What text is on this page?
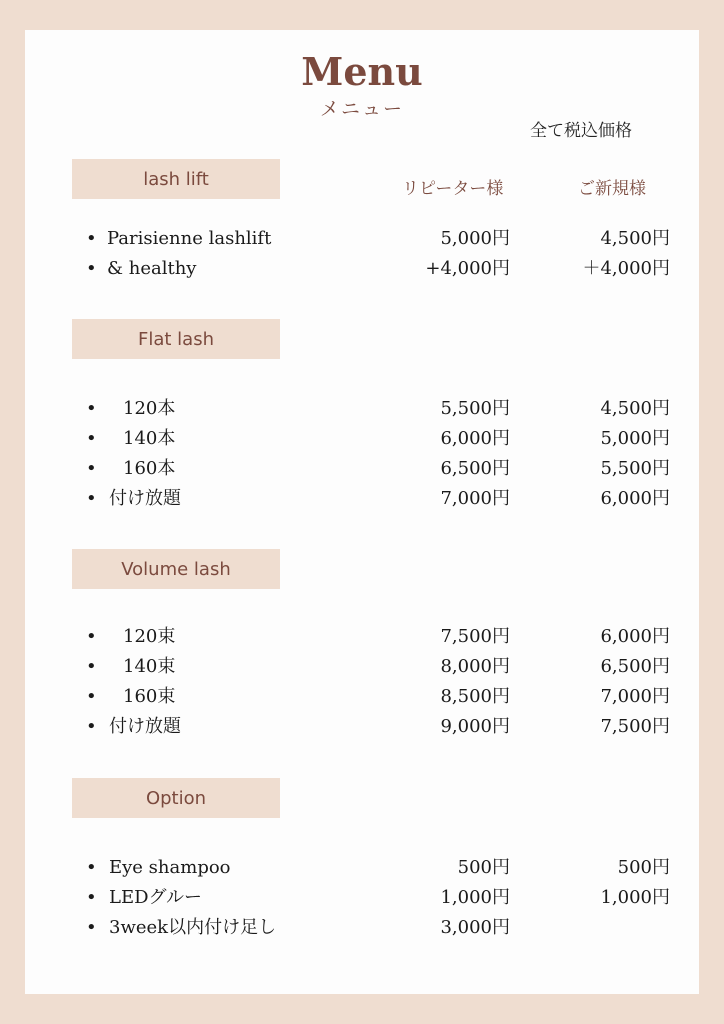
Menu
メニュー
全て税込価格
リピーター様	ご新規様
lash lift
• Parisienne lashlift	5,000円	4,500円
• & healthy	+4,000円	＋4,000円
Flat lash
• 120本	5,500円	4,500円
• 140本	6,000円	5,000円
• 160本	6,500円	5,500円
• 付け放題	7,000円	6,000円
Volume lash
• 120束	7,500円	6,000円
• 140束	8,000円	6,500円
• 160束	8,500円	7,000円
• 付け放題	9,000円	7,500円
Option
• Eye shampoo	500円	500円
• LEDグルー	1,000円	1,000円
• 3week以内付け足し	3,000円
